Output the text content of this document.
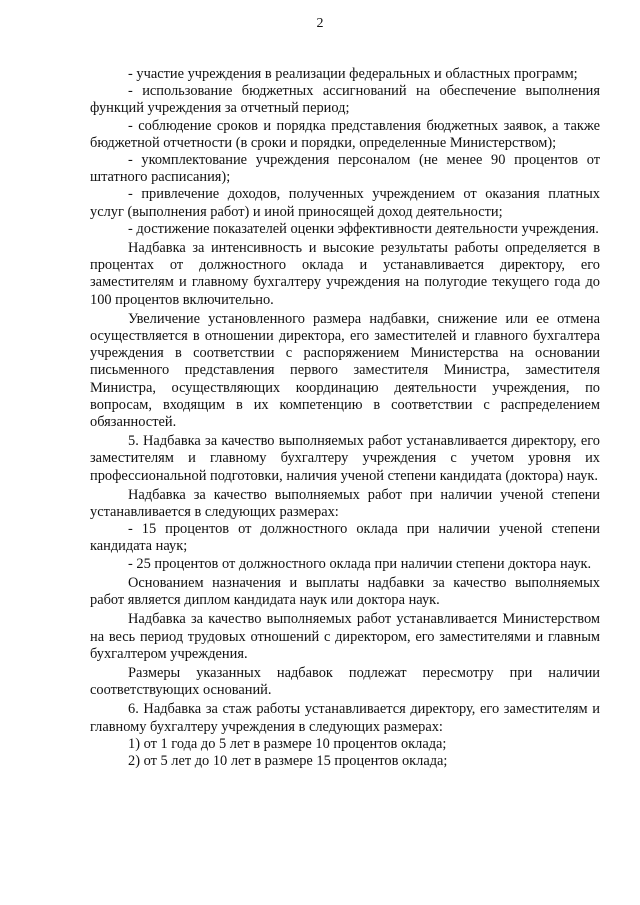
2

- участие учреждения в реализации федеральных и областных программ;

- использование бюджетных ассигнований на обеспечение выполнения функций учреждения за отчетный период;

- соблюдение сроков и порядка представления бюджетных заявок, а также бюджетной отчетности (в сроки и порядки, определенные Министерством);

- укомплектование учреждения персоналом (не менее 90 процентов от штатного расписания);

- привлечение доходов, полученных учреждением от оказания платных услуг (выполнения работ) и иной приносящей доход деятельности;

- достижение показателей оценки эффективности деятельности учреждения.

Надбавка за интенсивность и высокие результаты работы определяется в процентах от должностного оклада и устанавливается директору, его заместителям и главному бухгалтеру учреждения на полугодие текущего года до 100 процентов включительно.

Увеличение установленного размера надбавки, снижение или ее отмена осуществляется в отношении директора, его заместителей и главного бухгалтера учреждения в соответствии с распоряжением Министерства на основании письменного представления первого заместителя Министра, заместителя Министра, осуществляющих координацию деятельности учреждения, по вопросам, входящим в их компетенцию в соответствии с распределением обязанностей.

5. Надбавка за качество выполняемых работ устанавливается директору, его заместителям и главному бухгалтеру учреждения с учетом уровня их профессиональной подготовки, наличия ученой степени кандидата (доктора) наук.

Надбавка за качество выполняемых работ при наличии ученой степени устанавливается в следующих размерах:

- 15 процентов от должностного оклада при наличии ученой степени кандидата наук;

- 25 процентов от должностного оклада при наличии степени доктора наук.

Основанием назначения и выплаты надбавки за качество выполняемых работ является диплом кандидата наук или доктора наук.

Надбавка за качество выполняемых работ устанавливается Министерством на весь период трудовых отношений с директором, его заместителями и главным бухгалтером учреждения.

Размеры указанных надбавок подлежат пересмотру при наличии соответствующих оснований.

6. Надбавка за стаж работы устанавливается директору, его заместителям и главному бухгалтеру учреждения в следующих размерах:

1) от 1 года до 5 лет в размере 10 процентов оклада;

2) от 5 лет до 10 лет в размере 15 процентов оклада;
